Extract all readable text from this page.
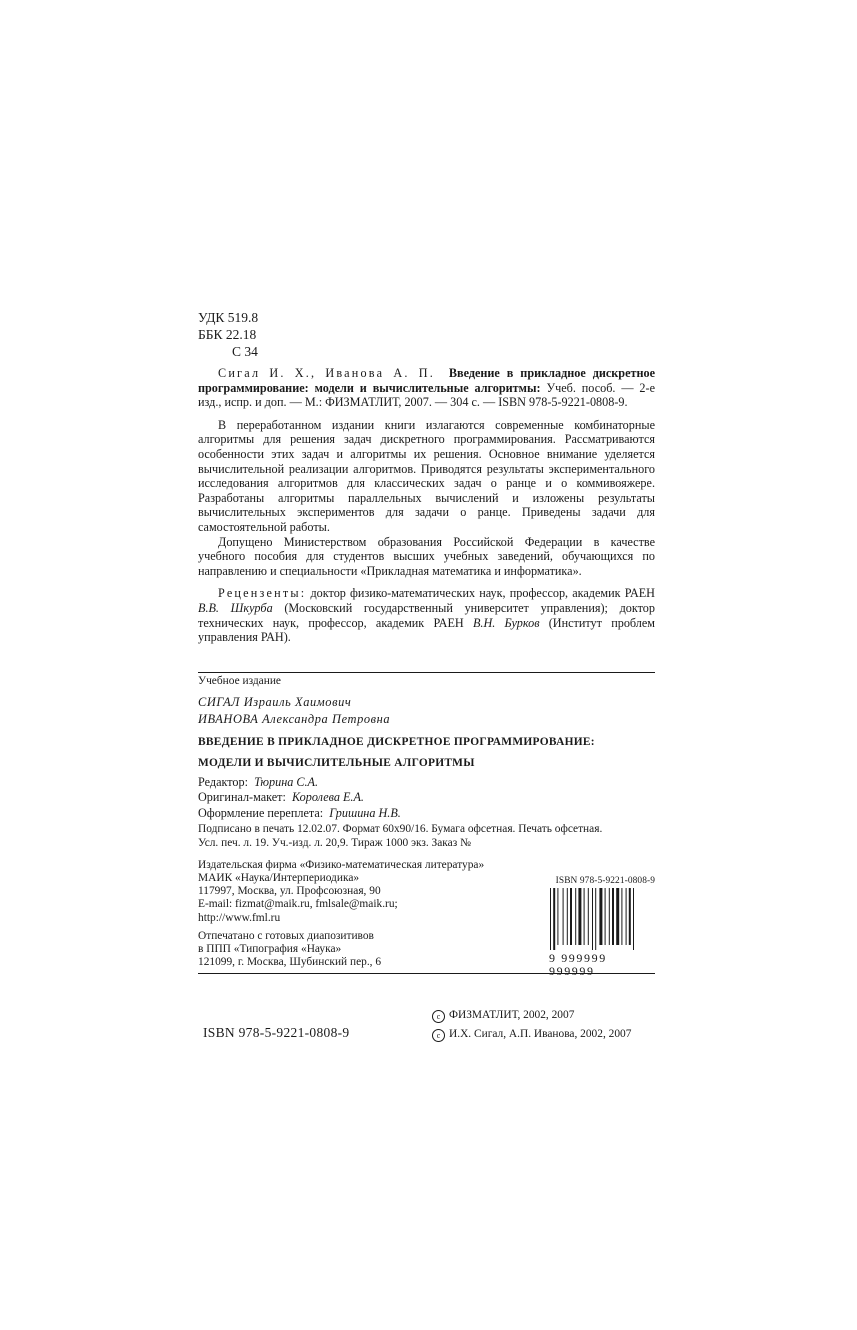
УДК 519.8
ББК 22.18
С 34

Сигал И. Х., Иванова А. П. Введение в прикладное дискретное программирование: модели и вычислительные алгоритмы: Учеб. пособ. — 2-е изд., испр. и доп. — М.: ФИЗМАТЛИТ, 2007. — 304 с. — ISBN 978-5-9221-0808-9.

В переработанном издании книги излагаются современные комбинаторные алгоритмы для решения задач дискретного программирования. Рассматриваются особенности этих задач и алгоритмы их решения. Основное внимание уделяется вычислительной реализации алгоритмов. Приводятся результаты экспериментального исследования алгоритмов для классических задач о ранце и о коммивояжере. Разработаны алгоритмы параллельных вычислений и изложены результаты вычислительных экспериментов для задачи о ранце. Приведены задачи для самостоятельной работы.

Допущено Министерством образования Российской Федерации в качестве учебного пособия для студентов высших учебных заведений, обучающихся по направлению и специальности «Прикладная математика и информатика».

Рецензенты: доктор физико-математических наук, профессор, академик РАЕН В.В. Шкурба (Московский государственный университет управления); доктор технических наук, профессор, академик РАЕН В.Н. Бурков (Институт проблем управления РАН).

Учебное издание
СИГАЛ Израиль Хаимович
ИВАНОВА Александра Петровна
ВВЕДЕНИЕ В ПРИКЛАДНОЕ ДИСКРЕТНОЕ ПРОГРАММИРОВАНИЕ:
МОДЕЛИ И ВЫЧИСЛИТЕЛЬНЫЕ АЛГОРИТМЫ
Редактор: Тюрина С.А.
Оригинал-макет: Королева Е.А.
Оформление переплета: Гришина Н.В.
Подписано в печать 12.02.07. Формат 60х90/16. Бумага офсетная. Печать офсетная.
Усл. печ. л. 19. Уч.-изд. л. 20,9. Тираж 1000 экз. Заказ №
Издательская фирма «Физико-математическая литература»
МАИК «Наука/Интерпериодика»
117997, Москва, ул. Профсоюзная, 90
E-mail: fizmat@maik.ru, fmlsale@maik.ru;
http://www.fml.ru
Отпечатано с готовых диапозитивов
в ППП «Типография «Наука»
121099, г. Москва, Шубинский пер., 6
ISBN 978-5-9221-0808-9
9 999999 999999
ISBN 978-5-9221-0808-9
c ФИЗМАТЛИТ, 2002, 2007
c И.Х. Сигал, А.П. Иванова, 2002, 2007
